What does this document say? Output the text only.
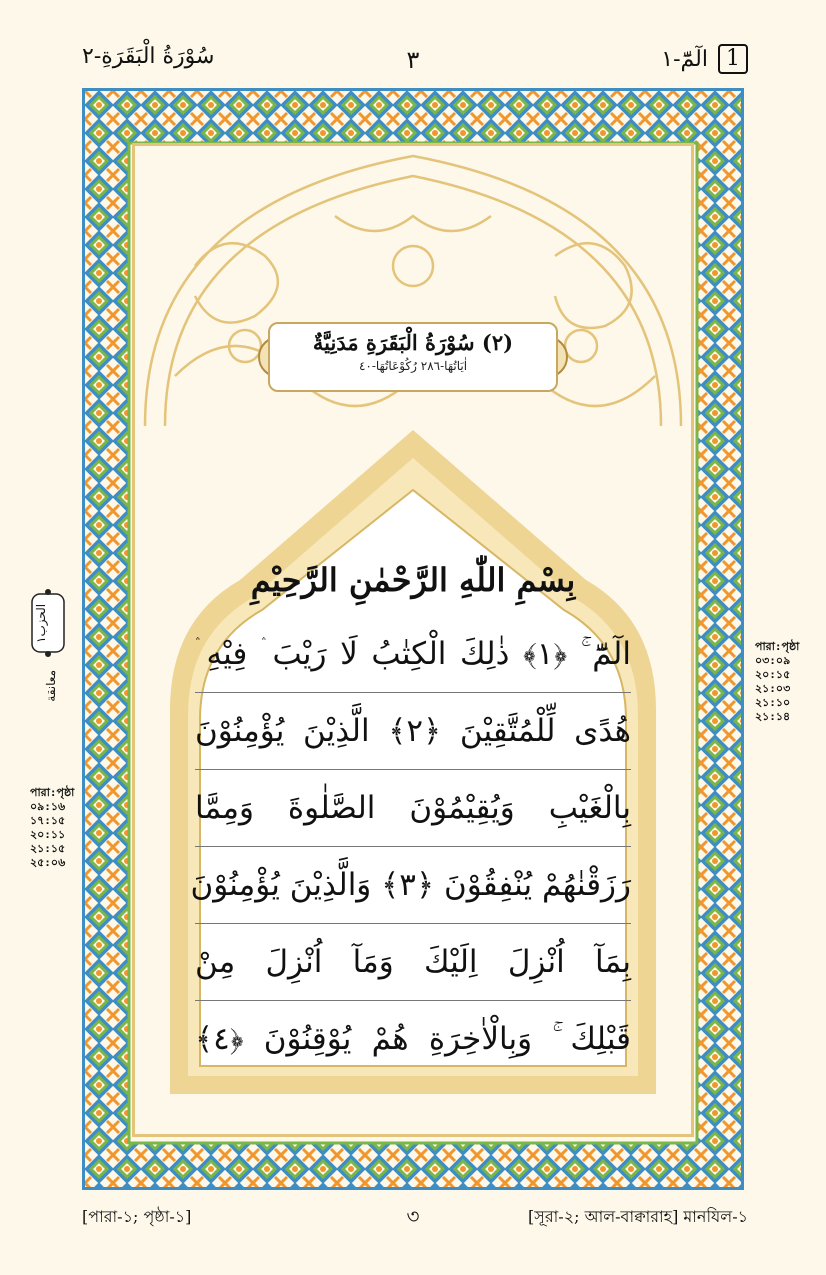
1
الٓمّٓ-١
٣
سُوْرَةُ الْبَقَرَةِ-٢
(٢) سُوْرَةُ الْبَقَرَةِ مَدَنِيَّةٌ
اٰيَاتُهَا-٢٨٦ رُكُوْعَاتُهَا-٤٠
بِسْمِ اللّٰهِ الرَّحْمٰنِ الرَّحِيْمِ
الٓمّٓ ۚ ﴿١﴾ ذٰلِكَ الْكِتٰبُ لَا رَيْبَ ۛ فِيْهِ ۛ
هُدًى لِّلْمُتَّقِيْنَ ﴿٢﴾ الَّذِيْنَ يُؤْمِنُوْنَ
بِالْغَيْبِ وَيُقِيْمُوْنَ الصَّلٰوةَ وَمِمَّا
رَزَقْنٰهُمْ يُنْفِقُوْنَ ﴿٣﴾ وَالَّذِيْنَ يُؤْمِنُوْنَ
بِمَآ اُنْزِلَ اِلَيْكَ وَمَآ اُنْزِلَ مِنْ
قَبْلِكَ ۚ وَبِالْاٰخِرَةِ هُمْ يُوْقِنُوْنَ ﴿٤﴾
الحزب١
معانقة
পারা:পৃষ্ঠা
০৯:১৬
১৭:১৫
২০:১১
২১:১৫
২৫:০৬
পারা:পৃষ্ঠা
০৩:০৯
২০:১৫
২১:০৩
২১:১০
২১:১৪
[পারা-১; পৃষ্ঠা-১]	৩	[সূরা-২; আল-বাক্বারাহ] মানযিল-১
